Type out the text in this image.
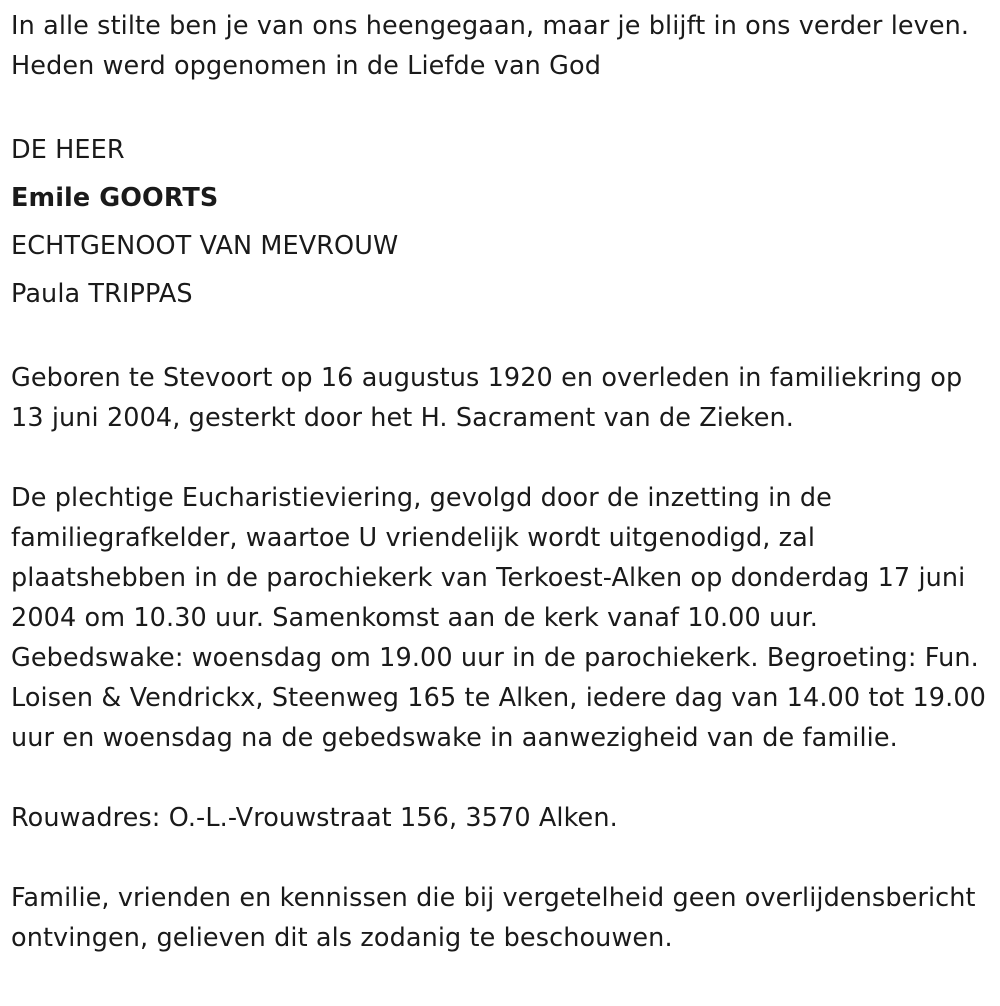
In alle stilte ben je van ons heengegaan, maar je blijft in ons verder leven. Heden werd opgenomen in de Liefde van God

DE HEER

Emile GOORTS

ECHTGENOOT VAN MEVROUW

Paula TRIPPAS

Geboren te Stevoort op 16 augustus 1920 en overleden in familiekring op 13 juni 2004, gesterkt door het H. Sacrament van de Zieken.

De plechtige Eucharistieviering, gevolgd door de inzetting in de familiegrafkelder, waartoe U vriendelijk wordt uitgenodigd, zal plaatshebben in de parochiekerk van Terkoest-Alken op donderdag 17 juni 2004 om 10.30 uur. Samenkomst aan de kerk vanaf 10.00 uur. Gebedswake: woensdag om 19.00 uur in de parochiekerk. Begroeting: Fun. Loisen & Vendrickx, Steenweg 165 te Alken, iedere dag van 14.00 tot 19.00 uur en woensdag na de gebedswake in aanwezigheid van de familie.

Rouwadres: O.-L.-Vrouwstraat 156, 3570 Alken.

Familie, vrienden en kennissen die bij vergetelheid geen overlijdensbericht ontvingen, gelieven dit als zodanig te beschouwen.
